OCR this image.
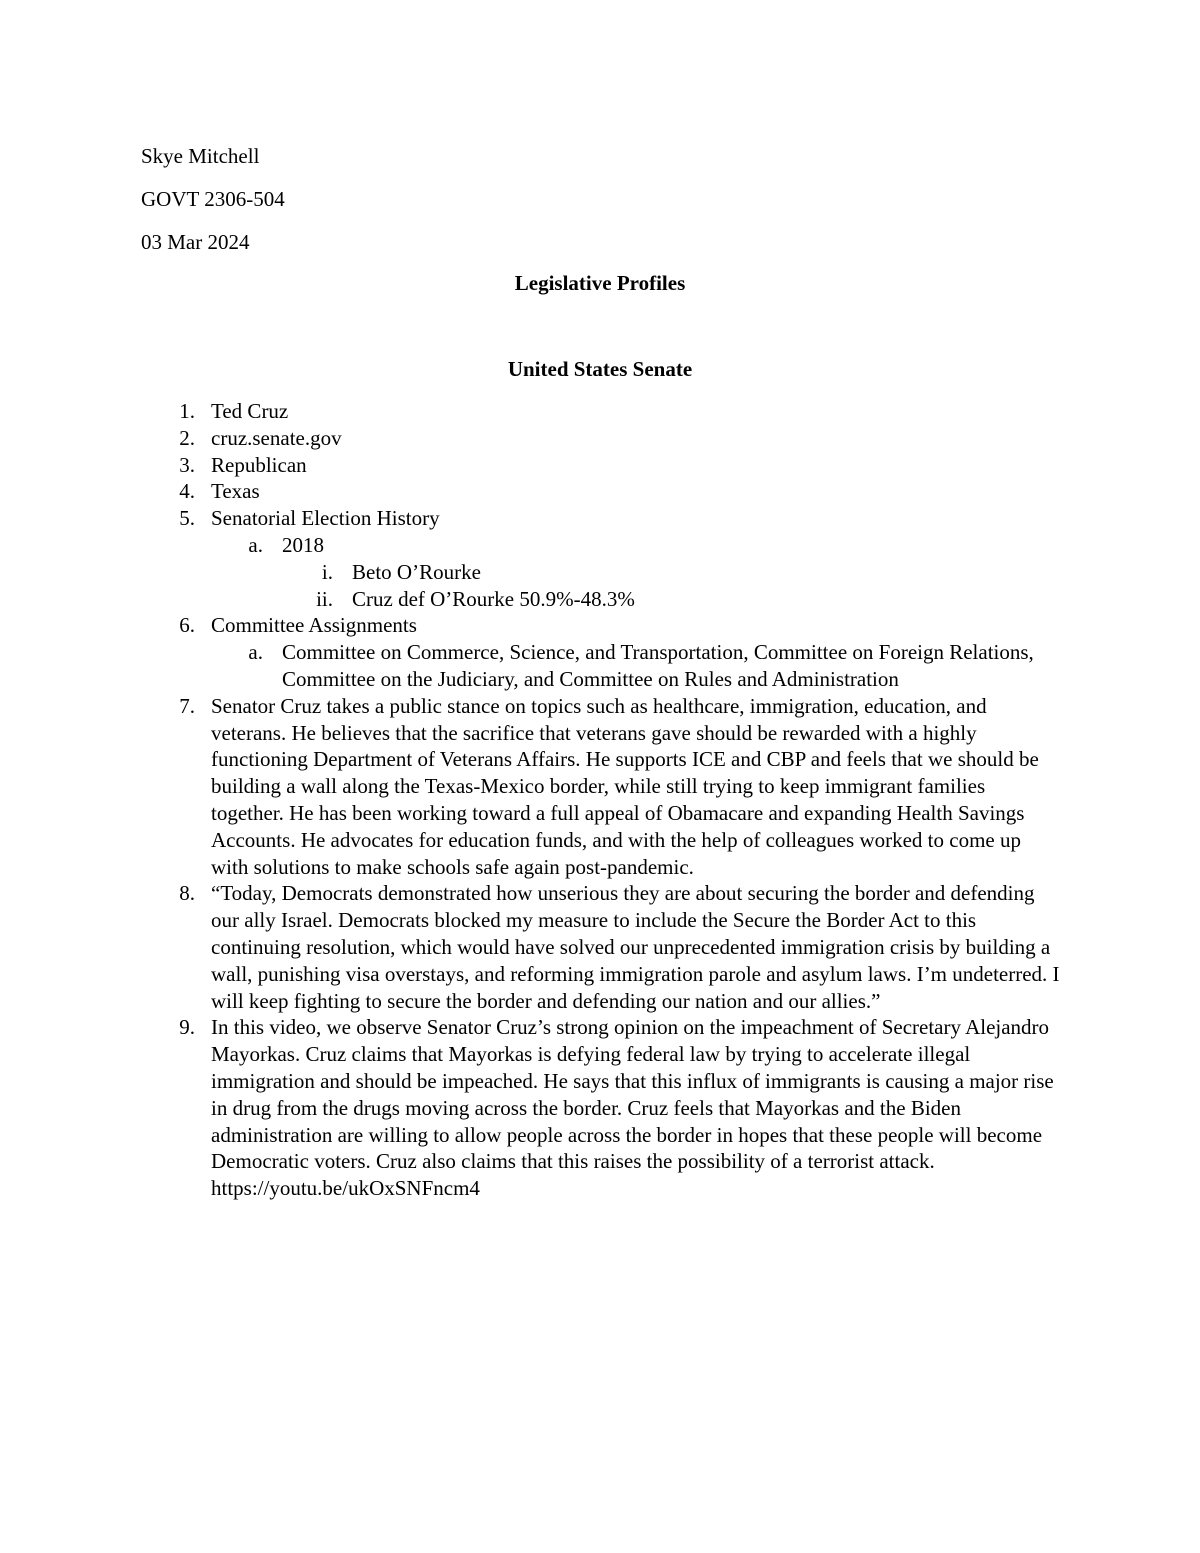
Skye Mitchell
GOVT 2306-504
03 Mar 2024
Legislative Profiles
United States Senate
1. Ted Cruz
2. cruz.senate.gov
3. Republican
4. Texas
5. Senatorial Election History
a. 2018
i. Beto O’Rourke
ii. Cruz def O’Rourke 50.9%-48.3%
6. Committee Assignments
a. Committee on Commerce, Science, and Transportation, Committee on Foreign Relations, Committee on the Judiciary, and Committee on Rules and Administration
7. Senator Cruz takes a public stance on topics such as healthcare, immigration, education, and veterans. He believes that the sacrifice that veterans gave should be rewarded with a highly functioning Department of Veterans Affairs. He supports ICE and CBP and feels that we should be building a wall along the Texas-Mexico border, while still trying to keep immigrant families together. He has been working toward a full appeal of Obamacare and expanding Health Savings Accounts. He advocates for education funds, and with the help of colleagues worked to come up with solutions to make schools safe again post-pandemic.
8. “Today, Democrats demonstrated how unserious they are about securing the border and defending our ally Israel. Democrats blocked my measure to include the Secure the Border Act to this continuing resolution, which would have solved our unprecedented immigration crisis by building a wall, punishing visa overstays, and reforming immigration parole and asylum laws. I’m undeterred. I will keep fighting to secure the border and defending our nation and our allies.”
9. In this video, we observe Senator Cruz’s strong opinion on the impeachment of Secretary Alejandro Mayorkas. Cruz claims that Mayorkas is defying federal law by trying to accelerate illegal immigration and should be impeached. He says that this influx of immigrants is causing a major rise in drug from the drugs moving across the border. Cruz feels that Mayorkas and the Biden administration are willing to allow people across the border in hopes that these people will become Democratic voters. Cruz also claims that this raises the possibility of a terrorist attack. https://youtu.be/ukOxSNFncm4
